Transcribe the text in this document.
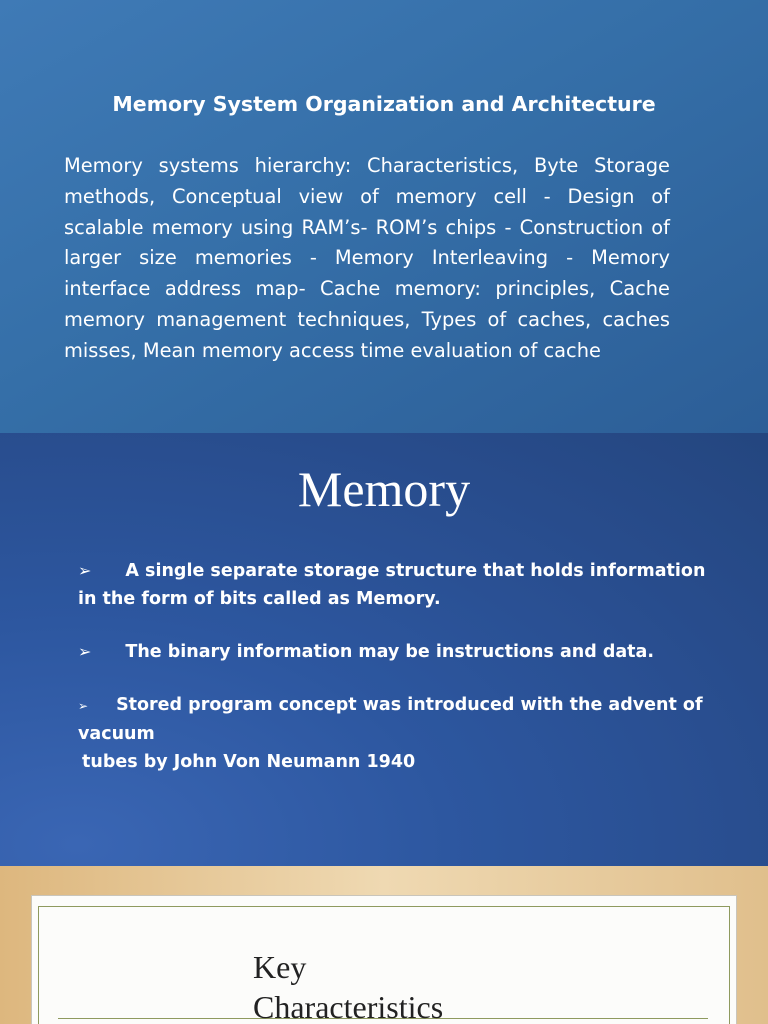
Memory System Organization and Architecture

Memory systems hierarchy: Characteristics, Byte Storage methods, Conceptual view of memory cell - Design of scalable memory using RAM’s- ROM’s chips - Construction of larger size memories - Memory Interleaving - Memory interface address map- Cache memory: principles, Cache memory management techniques, Types of caches, caches misses, Mean memory access time evaluation of cache

Memory

➢ A single separate storage structure that holds information in the form of bits called as Memory.

➢ The binary information may be instructions and data.

➢ Stored program concept was introduced with the advent of vacuum
tubes by John Von Neumann 1940

Key
Characteristics
